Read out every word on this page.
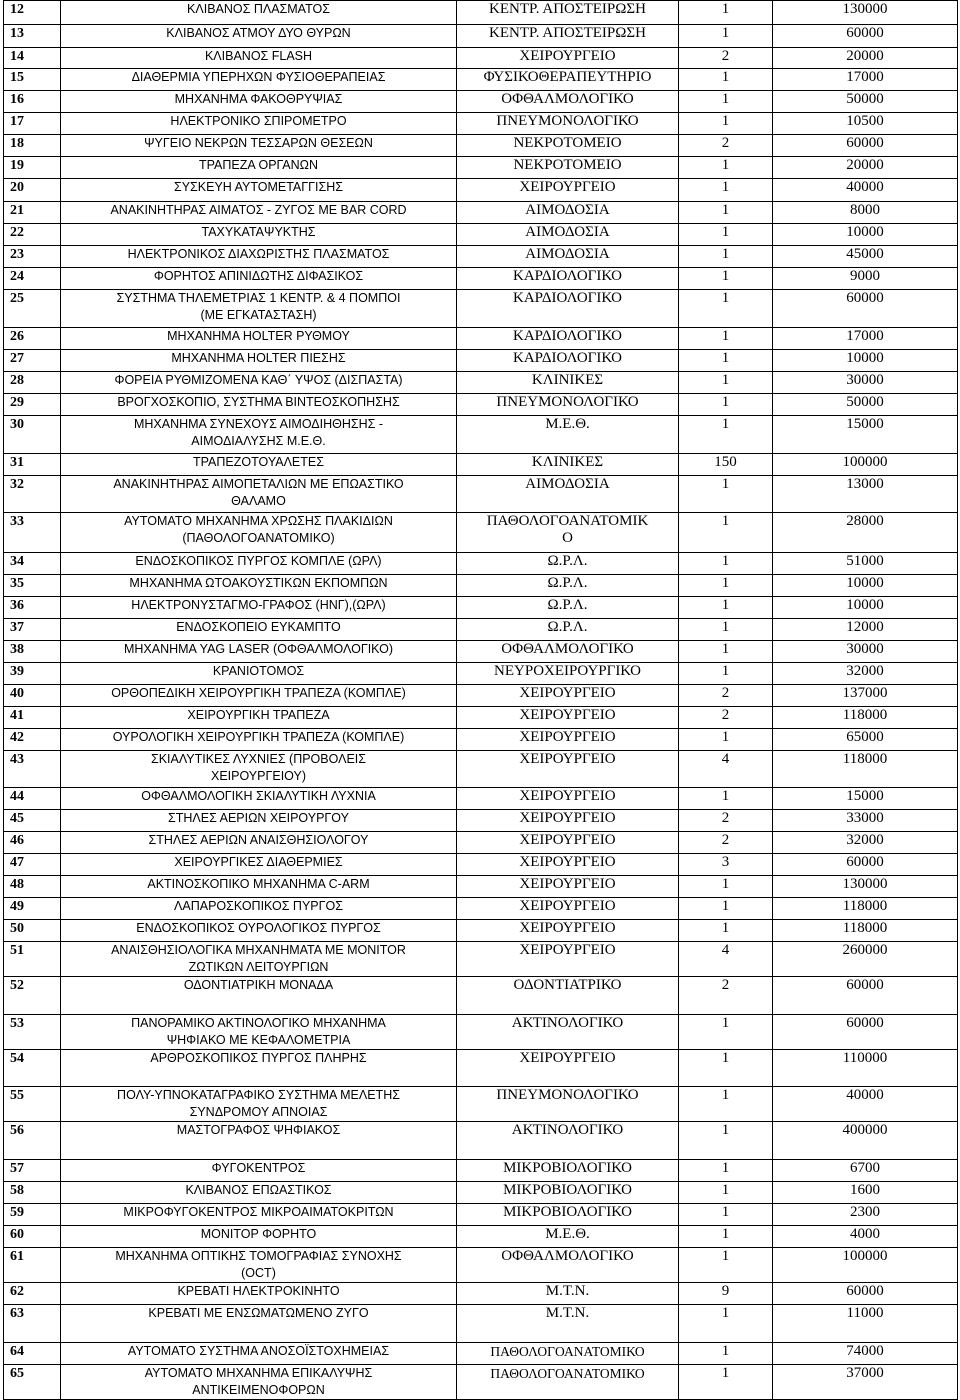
12	ΚΛΙΒΑΝΟΣ ΠΛΑΣΜΑΤΟΣ	ΚΕΝΤΡ. ΑΠΟΣΤΕΙΡΩΣΗ	1	130000
13	ΚΛΙΒΑΝΟΣ ΑΤΜΟΥ ΔΥΟ ΘΥΡΩΝ	ΚΕΝΤΡ. ΑΠΟΣΤΕΙΡΩΣΗ	1	60000
14	ΚΛΙΒΑΝΟΣ FLASH	ΧΕΙΡΟΥΡΓΕΙΟ	2	20000
15	ΔΙΑΘΕΡΜΙΑ ΥΠΕΡΗΧΩΝ ΦΥΣΙΟΘΕΡΑΠΕΙΑΣ	ΦΥΣΙΚΟΘΕΡΑΠΕΥΤΗΡΙΟ	1	17000
16	ΜΗΧΑΝΗΜΑ ΦΑΚΟΘΡΥΨΙΑΣ	ΟΦΘΑΛΜΟΛΟΓΙΚΟ	1	50000
17	ΗΛΕΚΤΡΟΝΙΚΟ ΣΠΙΡΟΜΕΤΡΟ	ΠΝΕΥΜΟΝΟΛΟΓΙΚΟ	1	10500
18	ΨΥΓΕΙΟ ΝΕΚΡΩΝ ΤΕΣΣΑΡΩΝ ΘΕΣΕΩΝ	ΝΕΚΡΟΤΟΜΕΙΟ	2	60000
19	ΤΡΑΠΕΖΑ ΟΡΓΑΝΩΝ	ΝΕΚΡΟΤΟΜΕΙΟ	1	20000
20	ΣΥΣΚΕΥΗ ΑΥΤΟΜΕΤΑΓΓΙΣΗΣ	ΧΕΙΡΟΥΡΓΕΙΟ	1	40000
21	ΑΝΑΚΙΝΗΤΗΡΑΣ ΑΙΜΑΤΟΣ - ΖΥΓΟΣ ΜΕ BAR CORD	ΑΙΜΟΔΟΣΙΑ	1	8000
22	ΤΑΧΥΚΑΤΑΨΥΚΤΗΣ	ΑΙΜΟΔΟΣΙΑ	1	10000
23	ΗΛΕΚΤΡΟΝΙΚΟΣ ΔΙΑΧΩΡΙΣΤΗΣ ΠΛΑΣΜΑΤΟΣ	ΑΙΜΟΔΟΣΙΑ	1	45000
24	ΦΟΡΗΤΟΣ ΑΠΙΝΙΔΩΤΗΣ ΔΙΦΑΣΙΚΟΣ	ΚΑΡΔΙΟΛΟΓΙΚΟ	1	9000
25	ΣΥΣΤΗΜΑ ΤΗΛΕΜΕΤΡΙΑΣ 1 ΚΕΝΤΡ. & 4 ΠΟΜΠΟΙ
(ΜΕ ΕΓΚΑΤΑΣΤΑΣΗ)	ΚΑΡΔΙΟΛΟΓΙΚΟ	1	60000
26	ΜΗΧΑΝΗΜΑ HOLTER ΡΥΘΜΟΥ	ΚΑΡΔΙΟΛΟΓΙΚΟ	1	17000
27	ΜΗΧΑΝΗΜΑ HOLTER ΠΙΕΣΗΣ	ΚΑΡΔΙΟΛΟΓΙΚΟ	1	10000
28	ΦΟΡΕΙΑ ΡΥΘΜΙΖΟΜΕΝΑ ΚΑΘ΄ ΥΨΟΣ (ΔΙΣΠΑΣΤΑ)	ΚΛΙΝΙΚΕΣ	1	30000
29	ΒΡΟΓΧΟΣΚΟΠΙΟ, ΣΥΣΤΗΜΑ ΒΙΝΤΕΟΣΚΟΠΗΣΗΣ	ΠΝΕΥΜΟΝΟΛΟΓΙΚΟ	1	50000
30	ΜΗΧΑΝΗΜΑ ΣΥΝΕΧΟΥΣ ΑΙΜΟΔΙΗΘΗΣΗΣ -
ΑΙΜΟΔΙΑΛΥΣΗΣ Μ.Ε.Θ.	Μ.Ε.Θ.	1	15000
31	ΤΡΑΠΕΖΟΤΟΥΑΛΕΤΕΣ	ΚΛΙΝΙΚΕΣ	150	100000
32	ΑΝΑΚΙΝΗΤΗΡΑΣ ΑΙΜΟΠΕΤΑΛΙΩΝ ΜΕ ΕΠΩΑΣΤΙΚΟ
ΘΑΛΑΜΟ	ΑΙΜΟΔΟΣΙΑ	1	13000
33	ΑΥΤΟΜΑΤΟ ΜΗΧΑΝΗΜΑ ΧΡΩΣΗΣ ΠΛΑΚΙΔΙΩΝ
(ΠΑΘΟΛΟΓΟΑΝΑΤΟΜΙΚΟ)	ΠΑΘΟΛΟΓΟΑΝΑΤΟΜΙΚ
Ο	1	28000
34	ΕΝΔΟΣΚΟΠΙΚΟΣ ΠΥΡΓΟΣ ΚΟΜΠΛΕ (ΩΡΛ)	Ω.Ρ.Λ.	1	51000
35	ΜΗΧΑΝΗΜΑ ΩΤΟΑΚΟΥΣΤΙΚΩΝ ΕΚΠΟΜΠΩΝ	Ω.Ρ.Λ.	1	10000
36	ΗΛΕΚΤΡΟΝΥΣΤΑΓΜΟ-ΓΡΑΦΟΣ (ΗΝΓ),(ΩΡΛ)	Ω.Ρ.Λ.	1	10000
37	ΕΝΔΟΣΚΟΠΕΙΟ ΕΥΚΑΜΠΤΟ	Ω.Ρ.Λ.	1	12000
38	ΜΗΧΑΝΗΜΑ YAG LASER (ΟΦΘΑΛΜΟΛΟΓΙΚΟ)	ΟΦΘΑΛΜΟΛΟΓΙΚΟ	1	30000
39	ΚΡΑΝΙΟΤΟΜΟΣ	ΝΕΥΡΟΧΕΙΡΟΥΡΓΙΚΟ	1	32000
40	ΟΡΘΟΠΕΔΙΚΗ ΧΕΙΡΟΥΡΓΙΚΗ ΤΡΑΠΕΖΑ (ΚΟΜΠΛΕ)	ΧΕΙΡΟΥΡΓΕΙΟ	2	137000
41	ΧΕΙΡΟΥΡΓΙΚΗ ΤΡΑΠΕΖΑ	ΧΕΙΡΟΥΡΓΕΙΟ	2	118000
42	ΟΥΡΟΛΟΓΙΚΗ ΧΕΙΡΟΥΡΓΙΚΗ ΤΡΑΠΕΖΑ (ΚΟΜΠΛΕ)	ΧΕΙΡΟΥΡΓΕΙΟ	1	65000
43	ΣΚΙΑΛΥΤΙΚΕΣ ΛΥΧΝΙΕΣ (ΠΡΟΒΟΛΕΙΣ
ΧΕΙΡΟΥΡΓΕΙΟΥ)	ΧΕΙΡΟΥΡΓΕΙΟ	4	118000
44	ΟΦΘΑΛΜΟΛΟΓΙΚΗ ΣΚΙΑΛΥΤΙΚΗ ΛΥΧΝΙΑ	ΧΕΙΡΟΥΡΓΕΙΟ	1	15000
45	ΣΤΗΛΕΣ ΑΕΡΙΩΝ ΧΕΙΡΟΥΡΓΟΥ	ΧΕΙΡΟΥΡΓΕΙΟ	2	33000
46	ΣΤΗΛΕΣ ΑΕΡΙΩΝ ΑΝΑΙΣΘΗΣΙΟΛΟΓΟΥ	ΧΕΙΡΟΥΡΓΕΙΟ	2	32000
47	ΧΕΙΡΟΥΡΓΙΚΕΣ ΔΙΑΘΕΡΜΙΕΣ	ΧΕΙΡΟΥΡΓΕΙΟ	3	60000
48	ΑΚΤΙΝΟΣΚΟΠΙΚΟ ΜΗΧΑΝΗΜΑ C-ARM	ΧΕΙΡΟΥΡΓΕΙΟ	1	130000
49	ΛΑΠΑΡΟΣΚΟΠΙΚΟΣ ΠΥΡΓΟΣ	ΧΕΙΡΟΥΡΓΕΙΟ	1	118000
50	ΕΝΔΟΣΚΟΠΙΚΟΣ ΟΥΡΟΛΟΓΙΚΟΣ ΠΥΡΓΟΣ	ΧΕΙΡΟΥΡΓΕΙΟ	1	118000
51	ΑΝΑΙΣΘΗΣΙΟΛΟΓΙΚΑ ΜΗΧΑΝΗΜΑΤΑ ΜΕ MONITOR
ΖΩΤΙΚΩΝ ΛΕΙΤΟΥΡΓΙΩΝ	ΧΕΙΡΟΥΡΓΕΙΟ	4	260000
52	ΟΔΟΝΤΙΑΤΡΙΚΗ ΜΟΝΑΔΑ	ΟΔΟΝΤΙΑΤΡΙΚΟ	2	60000
53	ΠΑΝΟΡΑΜΙΚΟ ΑΚΤΙΝΟΛΟΓΙΚΟ ΜΗΧΑΝΗΜΑ
ΨΗΦΙΑΚΟ ΜΕ ΚΕΦΑΛΟΜΕΤΡΙΑ	ΑΚΤΙΝΟΛΟΓΙΚΟ	1	60000
54	ΑΡΘΡΟΣΚΟΠΙΚΟΣ ΠΥΡΓΟΣ ΠΛΗΡΗΣ	ΧΕΙΡΟΥΡΓΕΙΟ	1	110000
55	ΠΟΛΥ-ΥΠΝΟΚΑΤΑΓΡΑΦΙΚΟ ΣΥΣΤΗΜΑ ΜΕΛΕΤΗΣ
ΣΥΝΔΡΟΜΟΥ ΑΠΝΟΙΑΣ	ΠΝΕΥΜΟΝΟΛΟΓΙΚΟ	1	40000
56	ΜΑΣΤΟΓΡΑΦΟΣ ΨΗΦΙΑΚΟΣ	ΑΚΤΙΝΟΛΟΓΙΚΟ	1	400000
57	ΦΥΓΟΚΕΝΤΡΟΣ	ΜΙΚΡΟΒΙΟΛΟΓΙΚΟ	1	6700
58	ΚΛΙΒΑΝΟΣ ΕΠΩΑΣΤΙΚΟΣ	ΜΙΚΡΟΒΙΟΛΟΓΙΚΟ	1	1600
59	ΜΙΚΡΟΦΥΓΟΚΕΝΤΡΟΣ ΜΙΚΡΟΑΙΜΑΤΟΚΡΙΤΩΝ	ΜΙΚΡΟΒΙΟΛΟΓΙΚΟ	1	2300
60	ΜΟΝΙΤΟΡ ΦΟΡΗΤΟ	Μ.Ε.Θ.	1	4000
61	ΜΗΧΑΝΗΜΑ ΟΠΤΙΚΗΣ ΤΟΜΟΓΡΑΦΙΑΣ ΣΥΝΟΧΗΣ
(OCT)	ΟΦΘΑΛΜΟΛΟΓΙΚΟ	1	100000
62	ΚΡΕΒΑΤΙ ΗΛΕΚΤΡΟΚΙΝΗΤΟ	Μ.Τ.Ν.	9	60000
63	ΚΡΕΒΑΤΙ ΜΕ ΕΝΣΩΜΑΤΩΜΕΝΟ ΖΥΓΟ	Μ.Τ.Ν.	1	11000
64	ΑΥΤΟΜΑΤΟ ΣΥΣΤΗΜΑ ΑΝΟΣΟΪΣΤΟΧΗΜΕΙΑΣ	ΠΑΘΟΛΟΓΟΑΝΑΤΟΜΙΚΟ	1	74000
65	ΑΥΤΟΜΑΤΟ ΜΗΧΑΝΗΜΑ ΕΠΙΚΑΛΥΨΗΣ
ΑΝΤΙΚΕΙΜΕΝΟΦΟΡΩΝ	ΠΑΘΟΛΟΓΟΑΝΑΤΟΜΙΚΟ	1	37000
